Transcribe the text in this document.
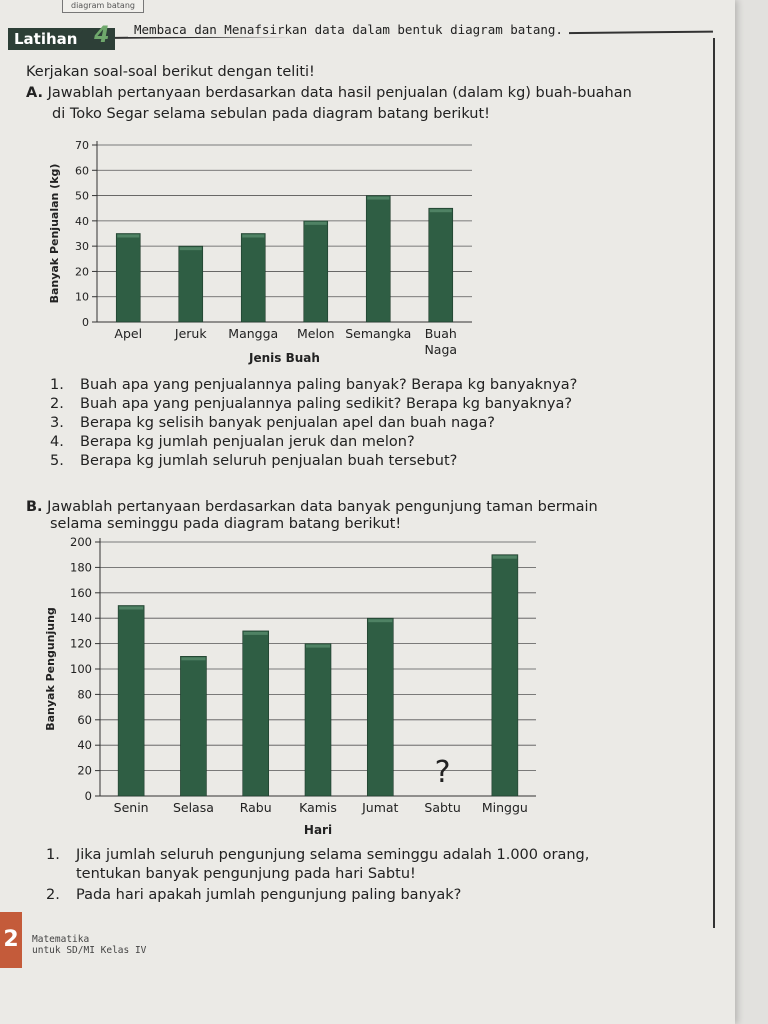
diagram batang
Latihan 4	Membaca dan Menafsirkan data dalam bentuk diagram batang.
Kerjakan soal-soal berikut dengan teliti!
A. Jawablah pertanyaan berdasarkan data hasil penjualan (dalam kg) buah-buahan
di Toko Segar selama sebulan pada diagram batang berikut!
0
10
20
30
40
50
60
70
Apel	Jeruk Mangga Melon Semangka Buah
Naga
Jenis Buah
Banyak Penjualan (kg)
1. Buah apa yang penjualannya paling banyak? Berapa kg banyaknya?
2. Buah apa yang penjualannya paling sedikit? Berapa kg banyaknya?
3. Berapa kg selisih banyak penjualan apel dan buah naga?
4. Berapa kg jumlah penjualan jeruk dan melon?
5. Berapa kg jumlah seluruh penjualan buah tersebut?
B. Jawablah pertanyaan berdasarkan data banyak pengunjung taman bermain
selama seminggu pada diagram batang berikut!
0
20
40
60
80
100
120
140
160
180
200
Senin Selasa Rabu Kamis Jumat
?
Sabtu Minggu
Hari
Banyak Pengunjung
1. Jika jumlah seluruh pengunjung selama seminggu adalah 1.000 orang,
tentukan banyak pengunjung pada hari Sabtu!
2. Pada hari apakah jumlah pengunjung paling banyak?
2	Matematika
untuk SD/MI Kelas IV
